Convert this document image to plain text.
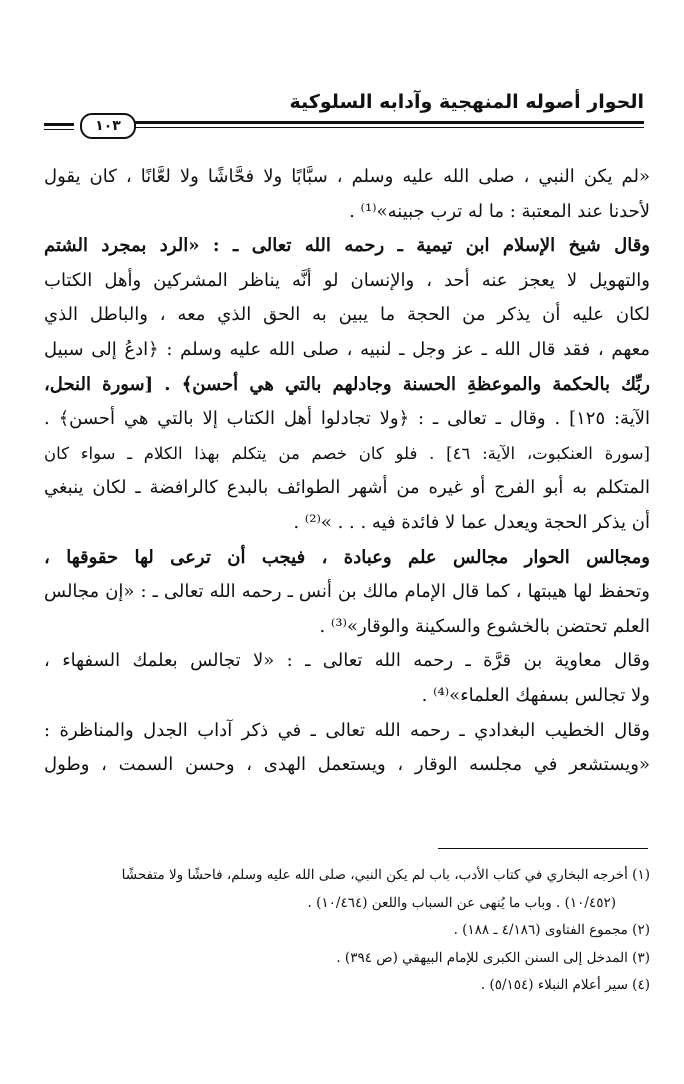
الحوار أصوله المنهجية وآدابه السلوكية
١٠٣
«لم يكن النبي ، صلى الله عليه وسلم ، سبَّابًا ولا فحَّاشًا ولا لعَّانًا ، كان يقول
لأحدنا عند المعتبة : ما له ترب جبينه»⁽¹⁾ .
وقال شيخ الإسلام ابن تيمية ـ رحمه الله تعالى ـ : «الرد بمجرد الشتم
والتهويل لا يعجز عنه أحد ، والإنسان لو أنَّه يناظر المشركين وأهل الكتاب
لكان عليه أن يذكر من الحجة ما يبين به الحق الذي معه ، والباطل الذي
معهم ، فقد قال الله ـ عز وجل ـ لنبيه ، صلى الله عليه وسلم : ﴿ادعُ إلى سبيل
ربِّك بالحكمة والموعظةِ الحسنة وجادلهم بالتي هي أحسن﴾ . [سورة النحل،
الآية: ١٢٥] . وقال ـ تعالى ـ : ﴿ولا تجادلوا أهل الكتاب إلا بالتي هي أحسن﴾ .
[سورة العنكبوت، الآية: ٤٦] . فلو كان خصم من يتكلم بهذا الكلام ـ سواء كان
المتكلم به أبو الفرج أو غيره من أشهر الطوائف بالبدع كالرافضة ـ لكان ينبغي
أن يذكر الحجة ويعدل عما لا فائدة فيه . . . »⁽²⁾ .
ومجالس الحوار مجالس علم وعبادة ، فيجب أن ترعى لها حقوقها ،
وتحفظ لها هيبتها ، كما قال الإمام مالك بن أنس ـ رحمه الله تعالى ـ : «إن مجالس
العلم تحتضن بالخشوع والسكينة والوقار»⁽³⁾ .
وقال معاوية بن قرَّة ـ رحمه الله تعالى ـ : «لا تجالس بعلمك السفهاء ،
ولا تجالس بسفهك العلماء»⁽⁴⁾ .
وقال الخطيب البغدادي ـ رحمه الله تعالى ـ في ذكر آداب الجدل والمناظرة :
«ويستشعر في مجلسه الوقار ، ويستعمل الهدى ، وحسن السمت ، وطول
(١) أخرجه البخاري في كتاب الأدب، باب لم يكن النبي، صلى الله عليه وسلم، فاحشًا ولا متفحشًا
(١٠/٤٥٢) . وباب ما يُنهى عن السباب واللعن (١٠/٤٦٤) .
(٢) مجموع الفتاوى (٤/١٨٦ ـ ١٨٨) .
(٣) المدخل إلى السنن الكبرى للإمام البيهقي (ص ٣٩٤) .
(٤) سير أعلام النبلاء (٥/١٥٤) .
